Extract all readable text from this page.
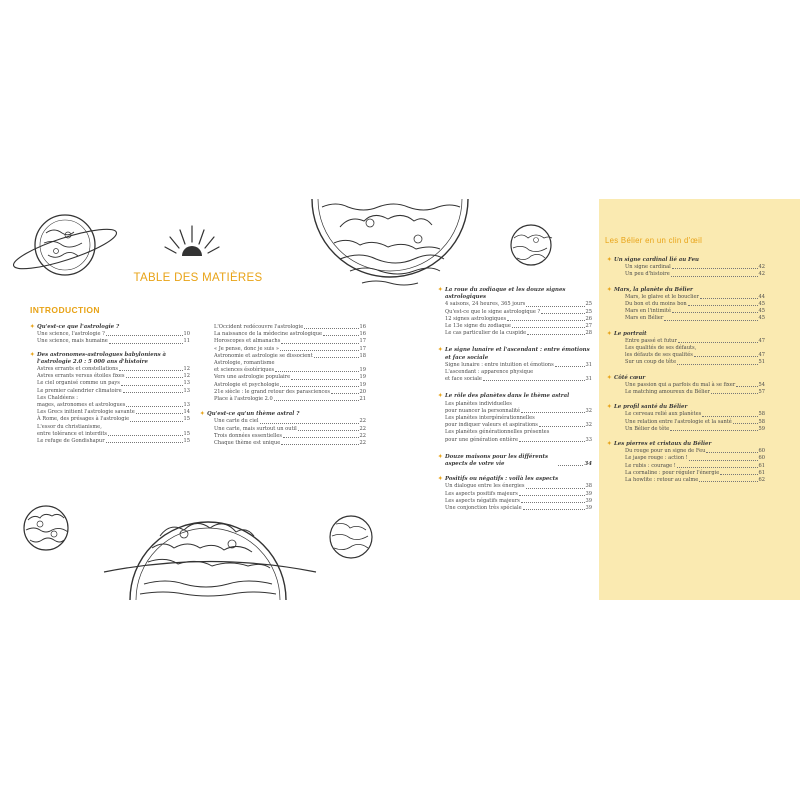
TABLE DES MATIÈRES
INTRODUCTION
✦ Qu'est-ce que l'astrologie ?
Une science, l'astrologie ?	10
Une science, mais humaine	11
✦ Des astronomes-astrologues babyloniens à l'astrologie 2.0 : 5 000 ans d'histoire
Astres errants et constellations	12
Astres errants versus étoiles fixes	12
Le ciel organisé comme un pays	13
Le premier calendrier climatoire	13
Les Chaldéens :
mages, astronomes et astrologues	13
Les Grecs initient l'astrologie savante	14
À Rome, des présages à l'astrologie	15
L'essor du christianisme,
entre tolérance et interdits	15
Le refuge de Gondishapur	15
L'Occident redécouvre l'astrologie	16
La naissance de la médecine astrologique	16
Horoscopes et almanachs	17
« Je pense, donc je suis »	17
Astronomie et astrologie se dissocient	18
Astrologie, romantisme
et sciences ésotériques	19
Vers une astrologie populaire	19
Astrologie et psychologie	19
21e siècle : le grand retour des parasciences	20
Place à l'astrologie 2.0	21
✦ Qu'est-ce qu'un thème astral ?
Une carte du ciel	22
Une carte, mais surtout un outil	22
Trois données essentielles	22
Chaque thème est unique	22
✦ La roue du zodiaque et les douze signes astrologiques
4 saisons, 24 heures, 365 jours	25
Qu'est-ce que le signe astrologique ?	25
12 signes astrologiques	26
Le 13e signe du zodiaque	27
Le cas particulier de la cuspide	28
✦ Le signe lunaire et l'ascendant : entre émotions et face sociale
Signe lunaire : entre intuition et émotions	31
L'ascendant : apparence physique
et face sociale	31
✦ Le rôle des planètes dans le thème astral
Les planètes individuelles
pour nuancer la personnalité	32
Les planètes intergénérationnelles
pour indiquer valeurs et aspirations	32
Les planètes générationnelles présentes
pour une génération entière	33
✦ Douze maisons pour les différents aspects de votre vie	34
✦ Positifs ou négatifs : voilà les aspects
Un dialogue entre les énergies	38
Les aspects positifs majeurs	39
Les aspects négatifs majeurs	39
Une conjonction très spéciale	39
Les Bélier en un clin d'œil
✦ Un signe cardinal lié au Feu
Un signe cardinal	42
Un peu d'histoire	42
✦ Mars, la planète du Bélier
Mars, le glaive et le bouclier	44
Du bon et du moins bon	45
Mars en l'intimité	45
Mars en Bélier	45
✦ Le portrait
Entre passé et futur	47
Les qualités de ses défauts,
les défauts de ses qualités	47
Sur un coup de tête	51
✦ Côté cœur
Une passion qui a parfois du mal à se fixer	54
Le matching amoureux du Bélier	57
✦ Le profil santé du Bélier
Le cerveau relié aux planètes	58
Une relation entre l'astrologie et la santé	58
Un Bélier de tête	59
✦ Les pierres et cristaux du Bélier
Du rouge pour un signe de Feu	60
Le jaspe rouge : action !	60
Le rubis : courage !	61
La cornaline : pour réguler l'énergie	61
La howlite : retour au calme	62
